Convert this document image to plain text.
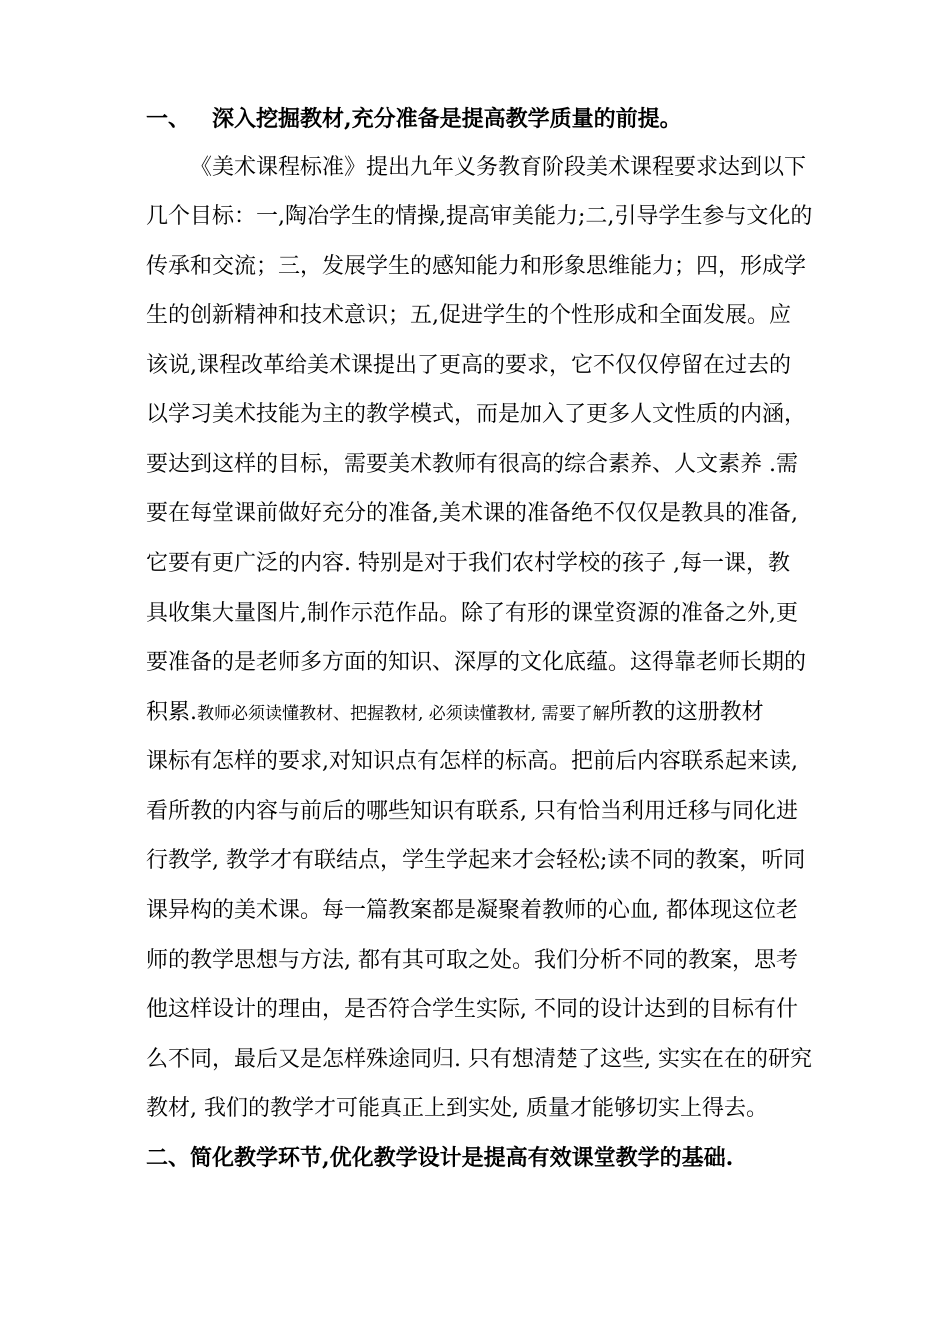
一、 深入挖掘教材,充分准备是提高教学质量的前提。
《美术课程标准》提出九年义务教育阶段美术课程要求达到以下
几个目标：一,陶冶学生的情操,提高审美能力;二,引导学生参与文化的
传承和交流；三，发展学生的感知能力和形象思维能力；四，形成学
生的创新精神和技术意识；五,促进学生的个性形成和全面发展。应
该说,课程改革给美术课提出了更高的要求，它不仅仅停留在过去的
以学习美术技能为主的教学模式，而是加入了更多人文性质的内涵，
要达到这样的目标，需要美术教师有很高的综合素养、人文素养 .需
要在每堂课前做好充分的准备,美术课的准备绝不仅仅是教具的准备,
它要有更广泛的内容. 特别是对于我们农村学校的孩子 ,每一课，教
具收集大量图片,制作示范作品。除了有形的课堂资源的准备之外,更
要准备的是老师多方面的知识、深厚的文化底蕴。这得靠老师长期的
积累.教师必须读懂教材、把握教材, 必须读懂教材, 需要了解所教的这册教材
课标有怎样的要求,对知识点有怎样的标高。把前后内容联系起来读,
看所教的内容与前后的哪些知识有联系, 只有恰当利用迁移与同化进
行教学, 教学才有联结点，学生学起来才会轻松;读不同的教案，听同
课异构的美术课。每一篇教案都是凝聚着教师的心血, 都体现这位老
师的教学思想与方法, 都有其可取之处。我们分析不同的教案，思考
他这样设计的理由，是否符合学生实际, 不同的设计达到的目标有什
么不同，最后又是怎样殊途同归. 只有想清楚了这些, 实实在在的研究
教材, 我们的教学才可能真正上到实处, 质量才能够切实上得去。
二、简化教学环节,优化教学设计是提高有效课堂教学的基础.
